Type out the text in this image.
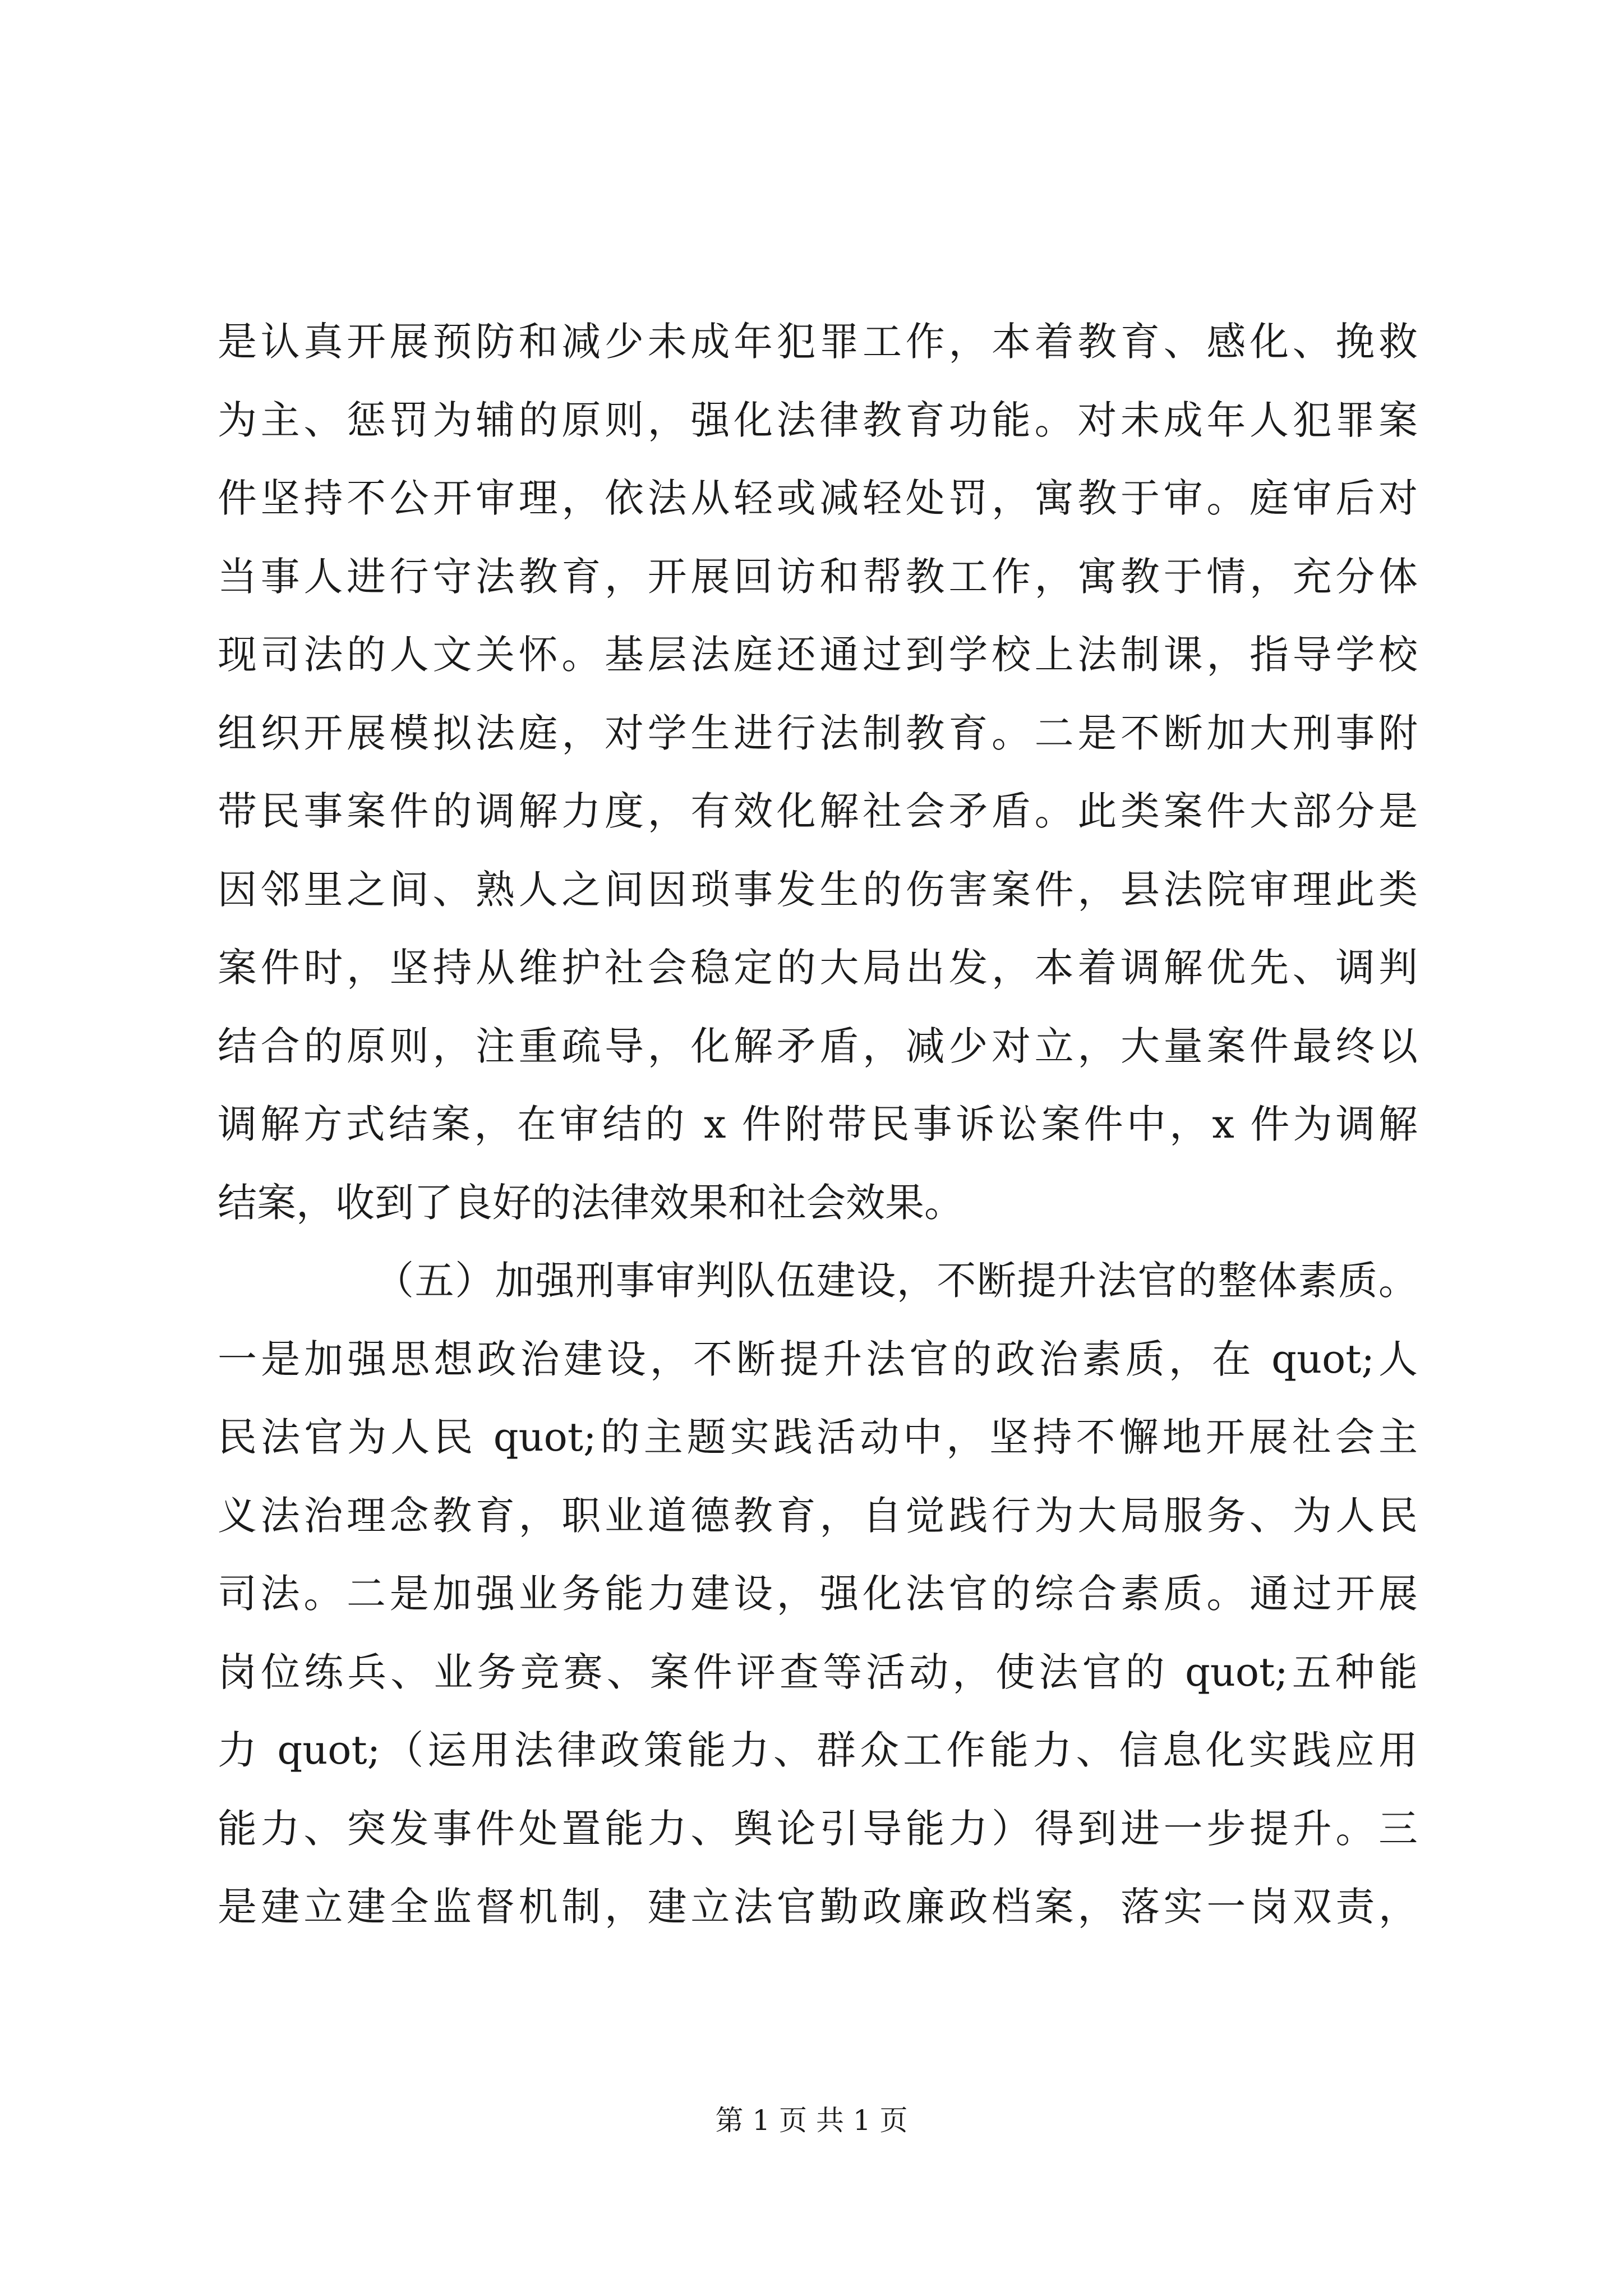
是认真开展预防和减少未成年犯罪工作，本着教育、感化、挽救
为主、惩罚为辅的原则，强化法律教育功能。对未成年人犯罪案
件坚持不公开审理，依法从轻或减轻处罚，寓教于审。庭审后对
当事人进行守法教育，开展回访和帮教工作，寓教于情，充分体
现司法的人文关怀。基层法庭还通过到学校上法制课，指导学校
组织开展模拟法庭，对学生进行法制教育。二是不断加大刑事附
带民事案件的调解力度，有效化解社会矛盾。此类案件大部分是
因邻里之间、熟人之间因琐事发生的伤害案件，县法院审理此类
案件时，坚持从维护社会稳定的大局出发，本着调解优先、调判
结合的原则，注重疏导，化解矛盾，减少对立，大量案件最终以
调解方式结案，在审结的 x 件附带民事诉讼案件中，x 件为调解
结案，收到了良好的法律效果和社会效果。
（五）加强刑事审判队伍建设，不断提升法官的整体素质。
一是加强思想政治建设，不断提升法官的政治素质，在 quot;人
民法官为人民 quot;的主题实践活动中，坚持不懈地开展社会主
义法治理念教育，职业道德教育，自觉践行为大局服务、为人民
司法。二是加强业务能力建设，强化法官的综合素质。通过开展
岗位练兵、业务竞赛、案件评查等活动，使法官的 quot;五种能
力 quot;（运用法律政策能力、群众工作能力、信息化实践应用
能力、突发事件处置能力、舆论引导能力）得到进一步提升。三
是建立建全监督机制，建立法官勤政廉政档案，落实一岗双责，
第 1 页 共 1 页
